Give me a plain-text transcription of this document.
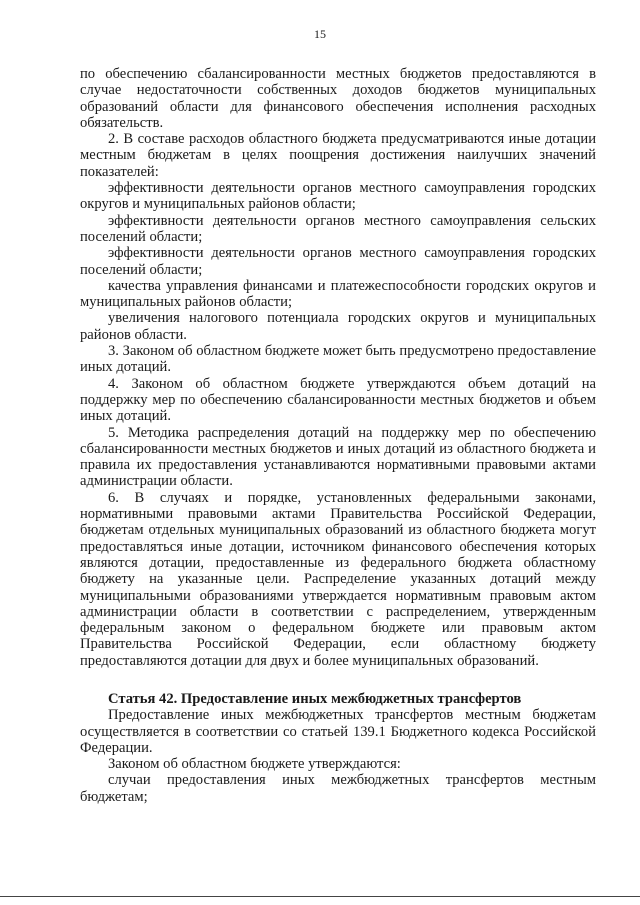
15

по обеспечению сбалансированности местных бюджетов предоставляются в случае недостаточности собственных доходов бюджетов муниципальных образований области для финансового обеспечения исполнения расходных обязательств.

2. В составе расходов областного бюджета предусматриваются иные дотации местным бюджетам в целях поощрения достижения наилучших значений показателей:

эффективности деятельности органов местного самоуправления городских округов и муниципальных районов области;

эффективности деятельности органов местного самоуправления сельских поселений области;

эффективности деятельности органов местного самоуправления городских поселений области;

качества управления финансами и платежеспособности городских округов и муниципальных районов области;

увеличения налогового потенциала городских округов и муниципальных районов области.

3. Законом об областном бюджете может быть предусмотрено предоставление иных дотаций.

4. Законом об областном бюджете утверждаются объем дотаций на поддержку мер по обеспечению сбалансированности местных бюджетов и объем иных дотаций.

5. Методика распределения дотаций на поддержку мер по обеспечению сбалансированности местных бюджетов и иных дотаций из областного бюджета и правила их предоставления устанавливаются нормативными правовыми актами администрации области.

6. В случаях и порядке, установленных федеральными законами, нормативными правовыми актами Правительства Российской Федерации, бюджетам отдельных муниципальных образований из областного бюджета могут предоставляться иные дотации, источником финансового обеспечения которых являются дотации, предоставленные из федерального бюджета областному бюджету на указанные цели. Распределение указанных дотаций между муниципальными образованиями утверждается нормативным правовым актом администрации области в соответствии с распределением, утвержденным федеральным законом о федеральном бюджете или правовым актом Правительства Российской Федерации, если областному бюджету предоставляются дотации для двух и более муниципальных образований.

Статья 42. Предоставление иных межбюджетных трансфертов

Предоставление иных межбюджетных трансфертов местным бюджетам осуществляется в соответствии со статьей 139.1 Бюджетного кодекса Российской Федерации.

Законом об областном бюджете утверждаются:

случаи предоставления иных межбюджетных трансфертов местным бюджетам;
